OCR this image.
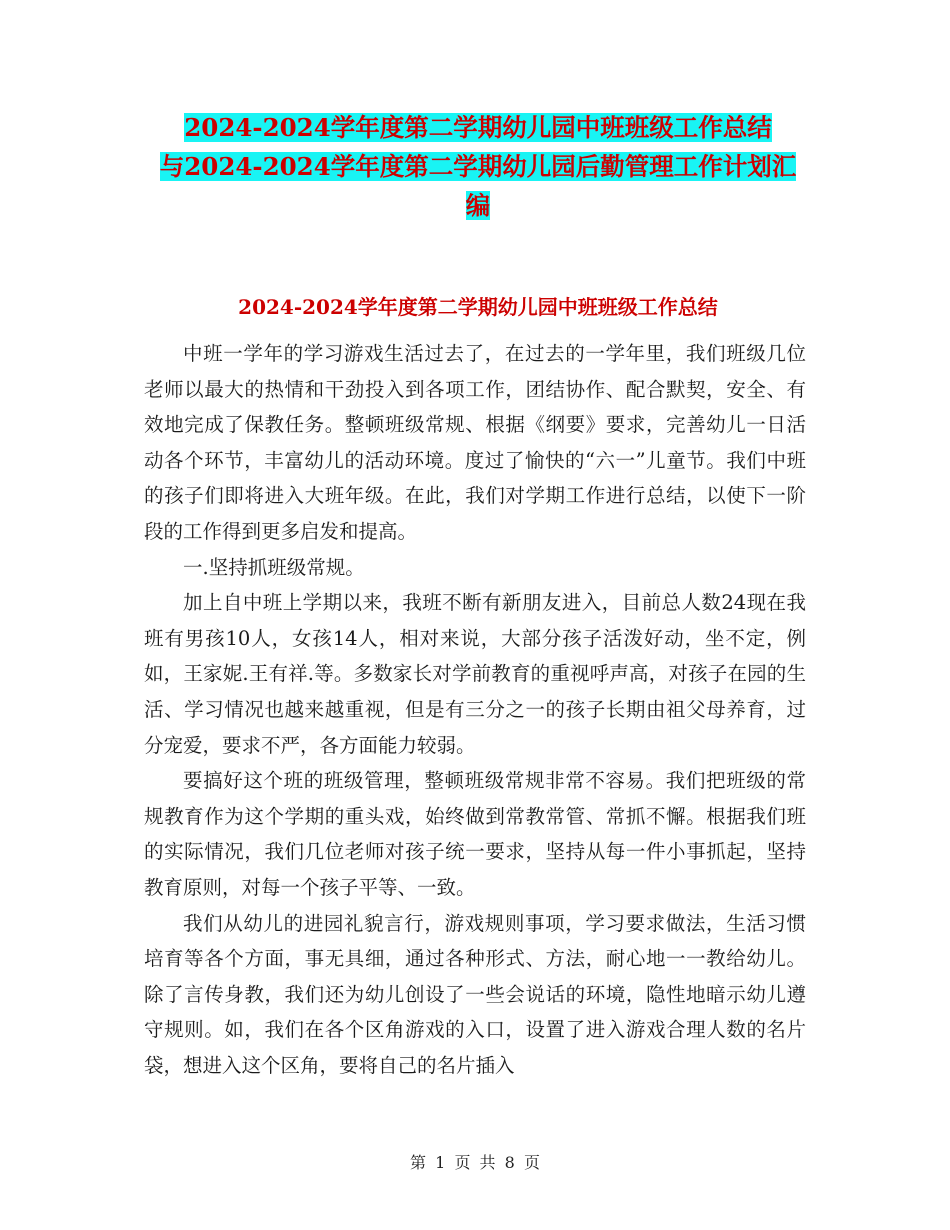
2024-2024学年度第二学期幼儿园中班班级工作总结
与2024-2024学年度第二学期幼儿园后勤管理工作计划汇
编
2024-2024学年度第二学期幼儿园中班班级工作总结

中班一学年的学习游戏生活过去了，在过去的一学年里，我们班级几位老师以最大的热情和干劲投入到各项工作，团结协作、配合默契，安全、有效地完成了保教任务。整顿班级常规、根据《纲要》要求，完善幼儿一日活动各个环节，丰富幼儿的活动环境。度过了愉快的“六一”儿童节。我们中班的孩子们即将进入大班年级。在此，我们对学期工作进行总结，以使下一阶段的工作得到更多启发和提高。

一.坚持抓班级常规。

加上自中班上学期以来，我班不断有新朋友进入，目前总人数24现在我班有男孩10人，女孩14人，相对来说，大部分孩子活泼好动，坐不定，例如，王家妮.王有祥.等。多数家长对学前教育的重视呼声高，对孩子在园的生活、学习情况也越来越重视，但是有三分之一的孩子长期由祖父母养育，过分宠爱，要求不严，各方面能力较弱。

要搞好这个班的班级管理，整顿班级常规非常不容易。我们把班级的常规教育作为这个学期的重头戏，始终做到常教常管、常抓不懈。根据我们班的实际情况，我们几位老师对孩子统一要求，坚持从每一件小事抓起，坚持教育原则，对每一个孩子平等、一致。

我们从幼儿的进园礼貌言行，游戏规则事项，学习要求做法，生活习惯培育等各个方面，事无具细，通过各种形式、方法，耐心地一一教给幼儿。除了言传身教，我们还为幼儿创设了一些会说话的环境，隐性地暗示幼儿遵守规则。如，我们在各个区角游戏的入口，设置了进入游戏合理人数的名片袋，想进入这个区角，要将自己的名片插入

第 1 页 共 8 页
